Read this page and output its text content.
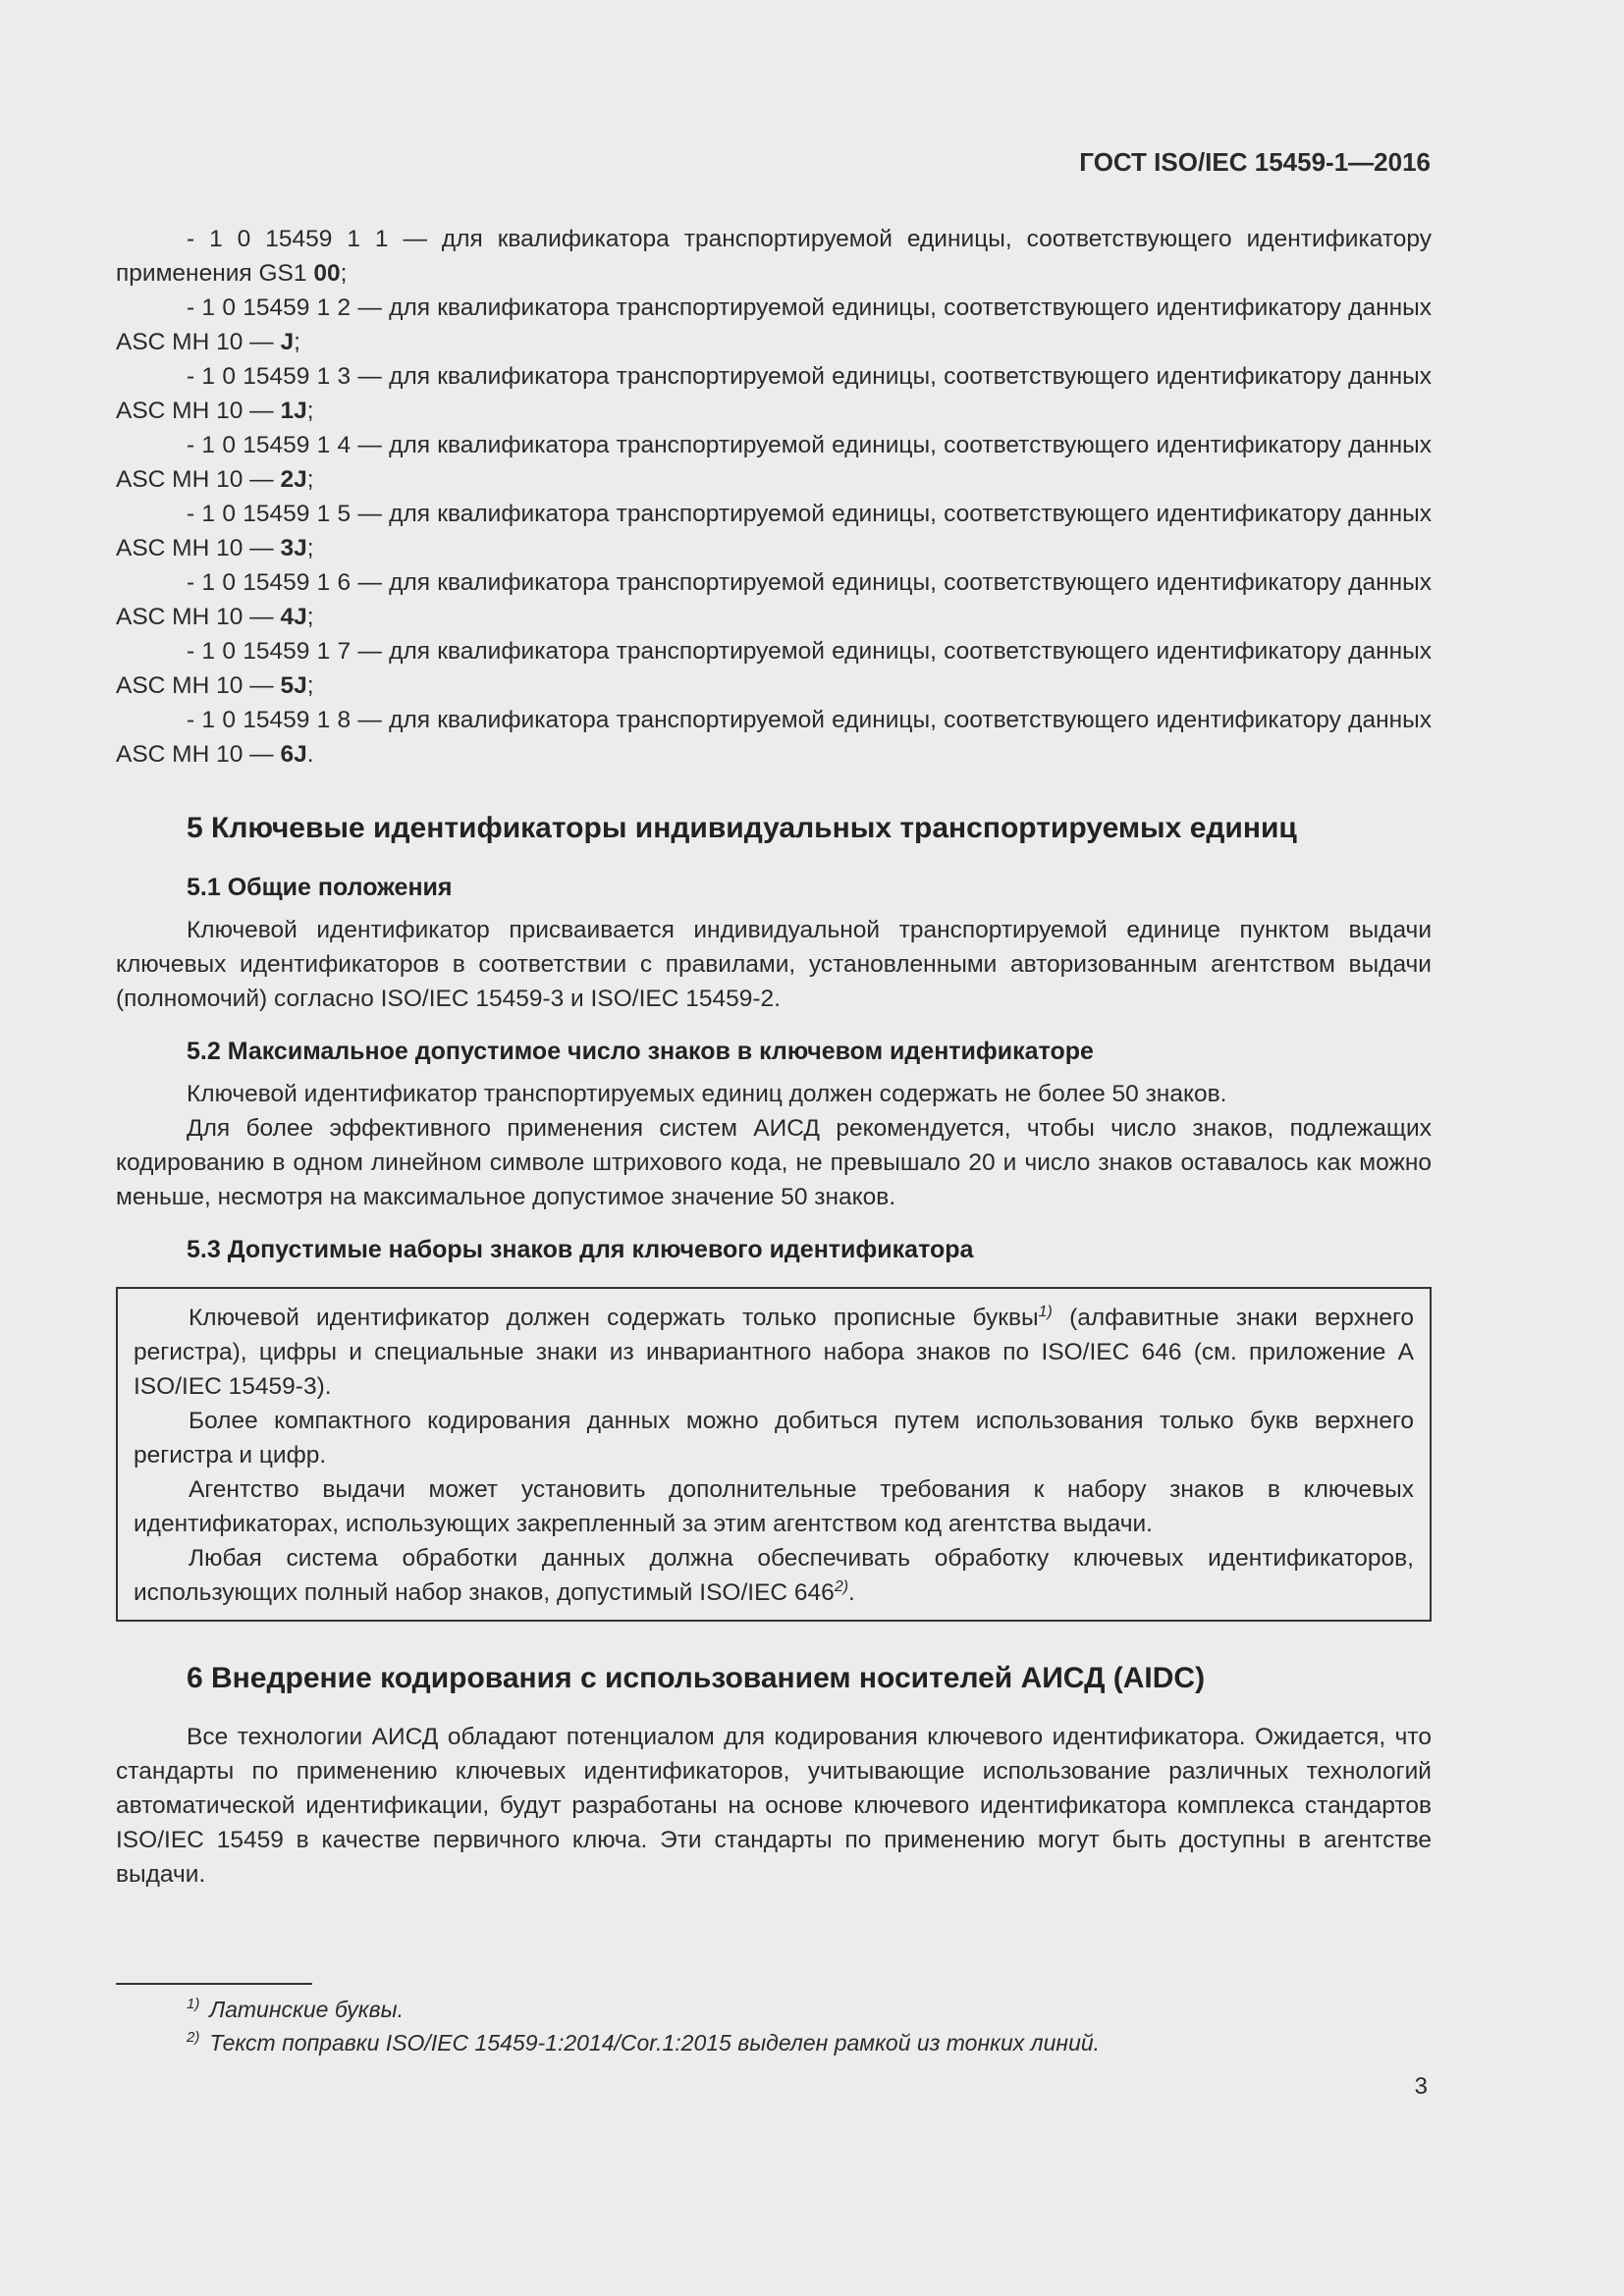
ГОСТ ISO/IEC 15459-1—2016

- 1 0 15459 1 1 — для квалификатора транспортируемой единицы, соответствующего идентификатору применения GS1 00;

- 1 0 15459 1 2 — для квалификатора транспортируемой единицы, соответствующего идентификатору данных ASC MH 10 — J;

- 1 0 15459 1 3 — для квалификатора транспортируемой единицы, соответствующего идентификатору данных ASC MH 10 — 1J;

- 1 0 15459 1 4 — для квалификатора транспортируемой единицы, соответствующего идентификатору данных ASC MH 10 — 2J;

- 1 0 15459 1 5 — для квалификатора транспортируемой единицы, соответствующего идентификатору данных ASC MH 10 — 3J;

- 1 0 15459 1 6 — для квалификатора транспортируемой единицы, соответствующего идентификатору данных ASC MH 10 — 4J;

- 1 0 15459 1 7 — для квалификатора транспортируемой единицы, соответствующего идентификатору данных ASC MH 10 — 5J;

- 1 0 15459 1 8 — для квалификатора транспортируемой единицы, соответствующего идентификатору данных ASC MH 10 — 6J.

5 Ключевые идентификаторы индивидуальных транспортируемых единиц
5.1 Общие положения

Ключевой идентификатор присваивается индивидуальной транспортируемой единице пунктом выдачи ключевых идентификаторов в соответствии с правилами, установленными авторизованным агентством выдачи (полномочий) согласно ISO/IEC 15459-3 и ISO/IEC 15459-2.

5.2 Максимальное допустимое число знаков в ключевом идентификаторе

Ключевой идентификатор транспортируемых единиц должен содержать не более 50 знаков.

Для более эффективного применения систем АИСД рекомендуется, чтобы число знаков, подлежащих кодированию в одном линейном символе штрихового кода, не превышало 20 и число знаков оставалось как можно меньше, несмотря на максимальное допустимое значение 50 знаков.

5.3 Допустимые наборы знаков для ключевого идентификатора

Ключевой идентификатор должен содержать только прописные буквы$^{1)}$ (алфавитные знаки верхнего регистра), цифры и специальные знаки из инвариантного набора знаков по ISO/IEC 646 (см. приложение А ISO/IEC 15459-3).

Более компактного кодирования данных можно добиться путем использования только букв верхнего регистра и цифр.

Агентство выдачи может установить дополнительные требования к набору знаков в ключевых идентификаторах, использующих закрепленный за этим агентством код агентства выдачи.

Любая система обработки данных должна обеспечивать обработку ключевых идентификаторов, использующих полный набор знаков, допустимый ISO/IEC 646$^{2)}$.

6 Внедрение кодирования с использованием носителей АИСД (AIDC)

Все технологии АИСД обладают потенциалом для кодирования ключевого идентификатора. Ожидается, что стандарты по применению ключевых идентификаторов, учитывающие использование различных технологий автоматической идентификации, будут разработаны на основе ключевого идентификатора комплекса стандартов ISO/IEC 15459 в качестве первичного ключа. Эти стандарты по применению могут быть доступны в агентстве выдачи.

$^{1)}$ Латинские буквы.
$^{2)}$ Текст поправки ISO/IEC 15459-1:2014/Cor.1:2015 выделен рамкой из тонких линий.
3
